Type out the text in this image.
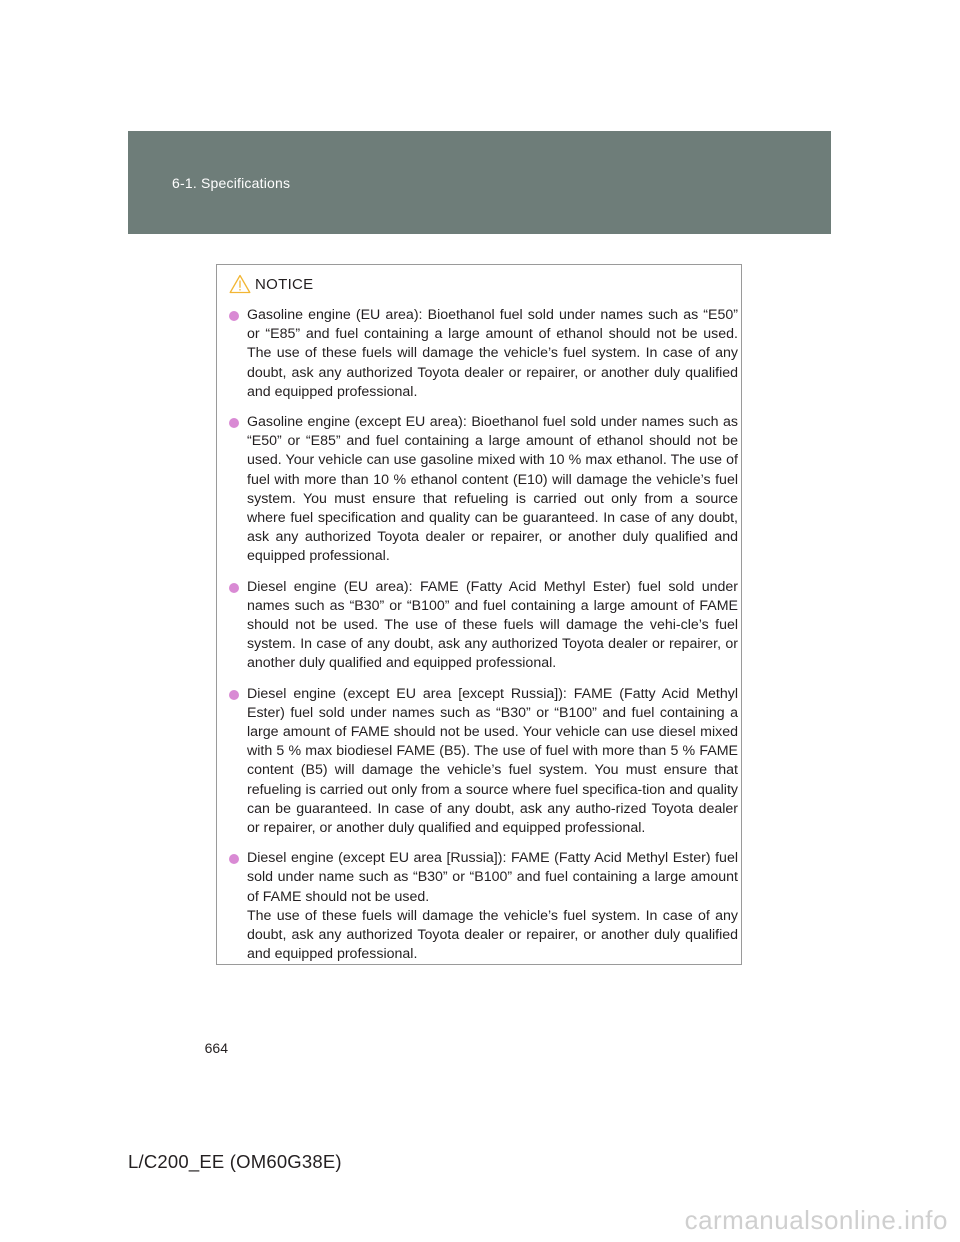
6-1. Specifications
NOTICE
Gasoline engine (EU area): Bioethanol fuel sold under names such as “E50” or “E85” and fuel containing a large amount of ethanol should not be used. The use of these fuels will damage the vehicle’s fuel system. In case of any doubt, ask any authorized Toyota dealer or repairer, or another duly qualified and equipped professional.
Gasoline engine (except EU area): Bioethanol fuel sold under names such as “E50” or “E85” and fuel containing a large amount of ethanol should not be used. Your vehicle can use gasoline mixed with 10 % max ethanol. The use of fuel with more than 10 % ethanol content (E10) will damage the vehicle’s fuel system. You must ensure that refueling is carried out only from a source where fuel specification and quality can be guaranteed. In case of any doubt, ask any authorized Toyota dealer or repairer, or another duly qualified and equipped professional.
Diesel engine (EU area): FAME (Fatty Acid Methyl Ester) fuel sold under names such as “B30” or “B100” and fuel containing a large amount of FAME should not be used. The use of these fuels will damage the vehi-cle’s fuel system. In case of any doubt, ask any authorized Toyota dealer or repairer, or another duly qualified and equipped professional.
Diesel engine (except EU area [except Russia]): FAME (Fatty Acid Methyl Ester) fuel sold under names such as “B30” or “B100” and fuel containing a large amount of FAME should not be used. Your vehicle can use diesel mixed with 5 % max biodiesel FAME (B5). The use of fuel with more than 5 % FAME content (B5) will damage the vehicle’s fuel system. You must ensure that refueling is carried out only from a source where fuel specifica-tion and quality can be guaranteed. In case of any doubt, ask any autho-rized Toyota dealer or repairer, or another duly qualified and equipped professional.
Diesel engine (except EU area [Russia]): FAME (Fatty Acid Methyl Ester) fuel sold under name such as “B30” or “B100” and fuel containing a large amount of FAME should not be used.
The use of these fuels will damage the vehicle’s fuel system. In case of any doubt, ask any authorized Toyota dealer or repairer, or another duly qualified and equipped professional.
664
L/C200_EE (OM60G38E)
carmanualsonline.info
